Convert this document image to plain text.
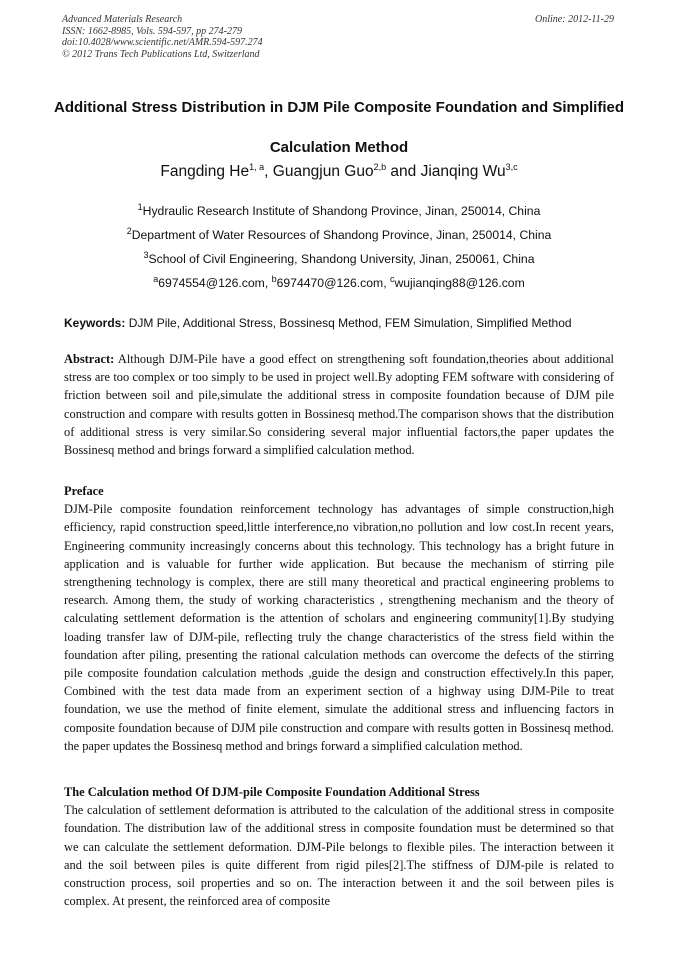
Advanced Materials Research
ISSN: 1662-8985, Vols. 594-597, pp 274-279
doi:10.4028/www.scientific.net/AMR.594-597.274
© 2012 Trans Tech Publications Ltd, Switzerland
Online: 2012-11-29
Additional Stress Distribution in DJM Pile Composite Foundation and Simplified Calculation Method
Fangding He$^{1, a}$, Guangjun Guo$^{2,b}$ and Jianqing Wu$^{3,c}$
$^1$Hydraulic Research Institute of Shandong Province, Jinan, 250014, China
$^2$Department of Water Resources of Shandong Province, Jinan, 250014, China
$^3$School of Civil Engineering, Shandong University, Jinan, 250061, China
$^a$6974554@126.com, $^b$6974470@126.com, $^c$wujianqing88@126.com
Keywords: DJM Pile, Additional Stress, Bossinesq Method, FEM Simulation, Simplified Method
Abstract: Although DJM-Pile have a good effect on strengthening soft foundation,theories about additional stress are too complex or too simply to be used in project well.By adopting FEM software with considering of friction between soil and pile,simulate the additional stress in composite foundation because of DJM pile construction and compare with results gotten in Bossinesq method.The comparison shows that the distribution of additional stress is very similar.So considering several major influential factors,the paper updates the Bossinesq method and brings forward a simplified calculation method.
Preface
DJM-Pile composite foundation reinforcement technology has advantages of simple construction,high efficiency, rapid construction speed,little interference,no vibration,no pollution and low cost.In recent years, Engineering community increasingly concerns about this technology. This technology has a bright future in application and is valuable for further wide application. But because the mechanism of stirring pile strengthening technology is complex, there are still many theoretical and practical engineering problems to research. Among them, the study of working characteristics , strengthening mechanism and the theory of calculating settlement deformation is the attention of scholars and engineering community[1].By studying loading transfer law of DJM-pile, reflecting truly the change characteristics of the stress field within the foundation after piling, presenting the rational calculation methods can overcome the defects of the stirring pile composite foundation calculation methods ,guide the design and construction effectively.In this paper, Combined with the test data made from an experiment section of a highway using DJM-Pile to treat foundation, we use the method of finite element, simulate the additional stress and influencing factors in composite foundation because of DJM pile construction and compare with results gotten in Bossinesq method. the paper updates the Bossinesq method and brings forward a simplified calculation method.
The Calculation method Of DJM-pile Composite Foundation Additional Stress
The calculation of settlement deformation is attributed to the calculation of the additional stress in composite foundation. The distribution law of the additional stress in composite foundation must be determined so that we can calculate the settlement deformation. DJM-Pile belongs to flexible piles. The interaction between it and the soil between piles is quite different from rigid piles[2].The stiffness of DJM-pile is related to construction process, soil properties and so on. The interaction between it and the soil between piles is complex. At present, the reinforced area of composite
